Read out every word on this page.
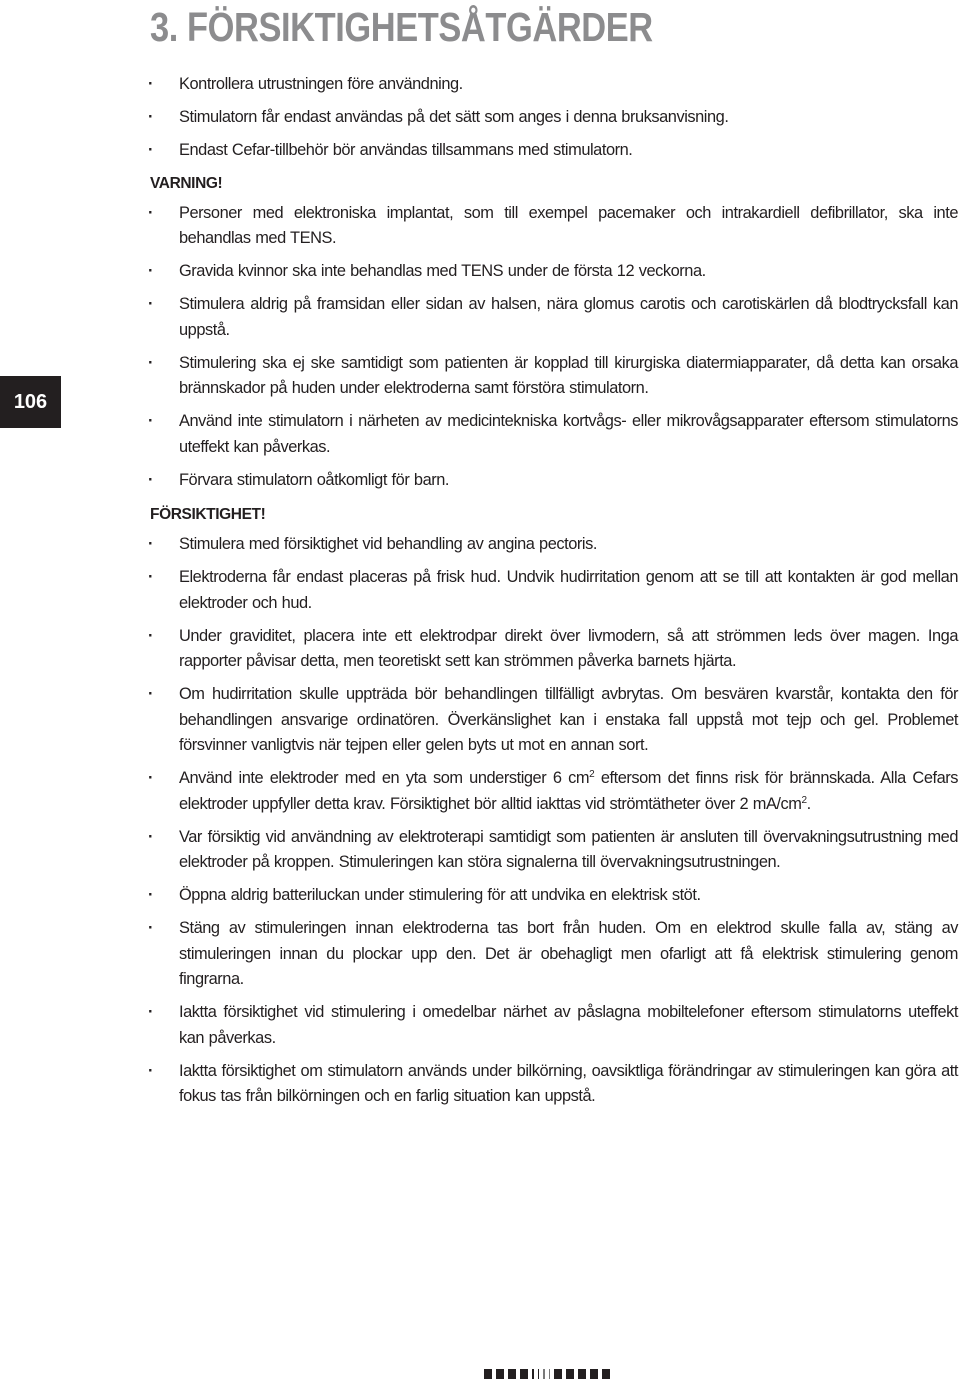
3. FÖRSIKTIGHETSÅTGÄRDER
106
·	Kontrollera utrustningen före användning.
·	Stimulatorn får endast användas på det sätt som anges i denna bruksanvisning.
·	Endast Cefar-tillbehör bör användas tillsammans med stimulatorn.
VARNING!
·	Personer med elektroniska implantat, som till exempel pacemaker och intrakardiell defibrillator, ska inte behandlas med TENS.
·	Gravida kvinnor ska inte behandlas med TENS under de första 12 veckorna.
·	Stimulera aldrig på framsidan eller sidan av halsen, nära glomus carotis och carotiskärlen då blodtrycksfall kan uppstå.
·	Stimulering ska ej ske samtidigt som patienten är kopplad till kirurgiska diatermiapparater, då detta kan orsaka brännskador på huden under elektroderna samt förstöra stimulatorn.
·	Använd inte stimulatorn i närheten av medicintekniska kortvågs- eller mikrovågsapparater eftersom stimulatorns uteffekt kan påverkas.
·	Förvara stimulatorn oåtkomligt för barn.
FÖRSIKTIGHET!
·	Stimulera med försiktighet vid behandling av angina pectoris.
·	Elektroderna får endast placeras på frisk hud. Undvik hudirritation genom att se till att kontakten är god mellan elektroder och hud.
·	Under graviditet, placera inte ett elektrodpar direkt över livmodern, så att strömmen leds över magen. Inga rapporter påvisar detta, men teoretiskt sett kan strömmen påverka barnets hjärta.
·	Om hudirritation skulle uppträda bör behandlingen tillfälligt avbrytas. Om besvären kvarstår, kontakta den för behandlingen ansvarige ordinatören. Överkänslighet kan i enstaka fall uppstå mot tejp och gel. Problemet försvinner vanligtvis när tejpen eller gelen byts ut mot en annan sort.
·	Använd inte elektroder med en yta som understiger 6 $cm^2$ eftersom det finns risk för brännskada. Alla Cefars elektroder uppfyller detta krav. Försiktighet bör alltid iakttas vid strömtätheter över 2 $mA/cm^2$.
·	Var försiktig vid användning av elektroterapi samtidigt som patienten är ansluten till övervakningsutrustning med elektroder på kroppen. Stimuleringen kan störa signalerna till övervakningsutrustningen.
·	Öppna aldrig batteriluckan under stimulering för att undvika en elektrisk stöt.
·	Stäng av stimuleringen innan elektroderna tas bort från huden. Om en elektrod skulle falla av, stäng av stimuleringen innan du plockar upp den. Det är obehagligt men ofarligt att få elektrisk stimulering genom fingrarna.
·	Iaktta försiktighet vid stimulering i omedelbar närhet av påslagna mobiltelefoner eftersom stimulatorns uteffekt kan påverkas.
·	Iaktta försiktighet om stimulatorn används under bilkörning, oavsiktliga förändringar av stimuleringen kan göra att fokus tas från bilkörningen och en farlig situation kan uppstå.
